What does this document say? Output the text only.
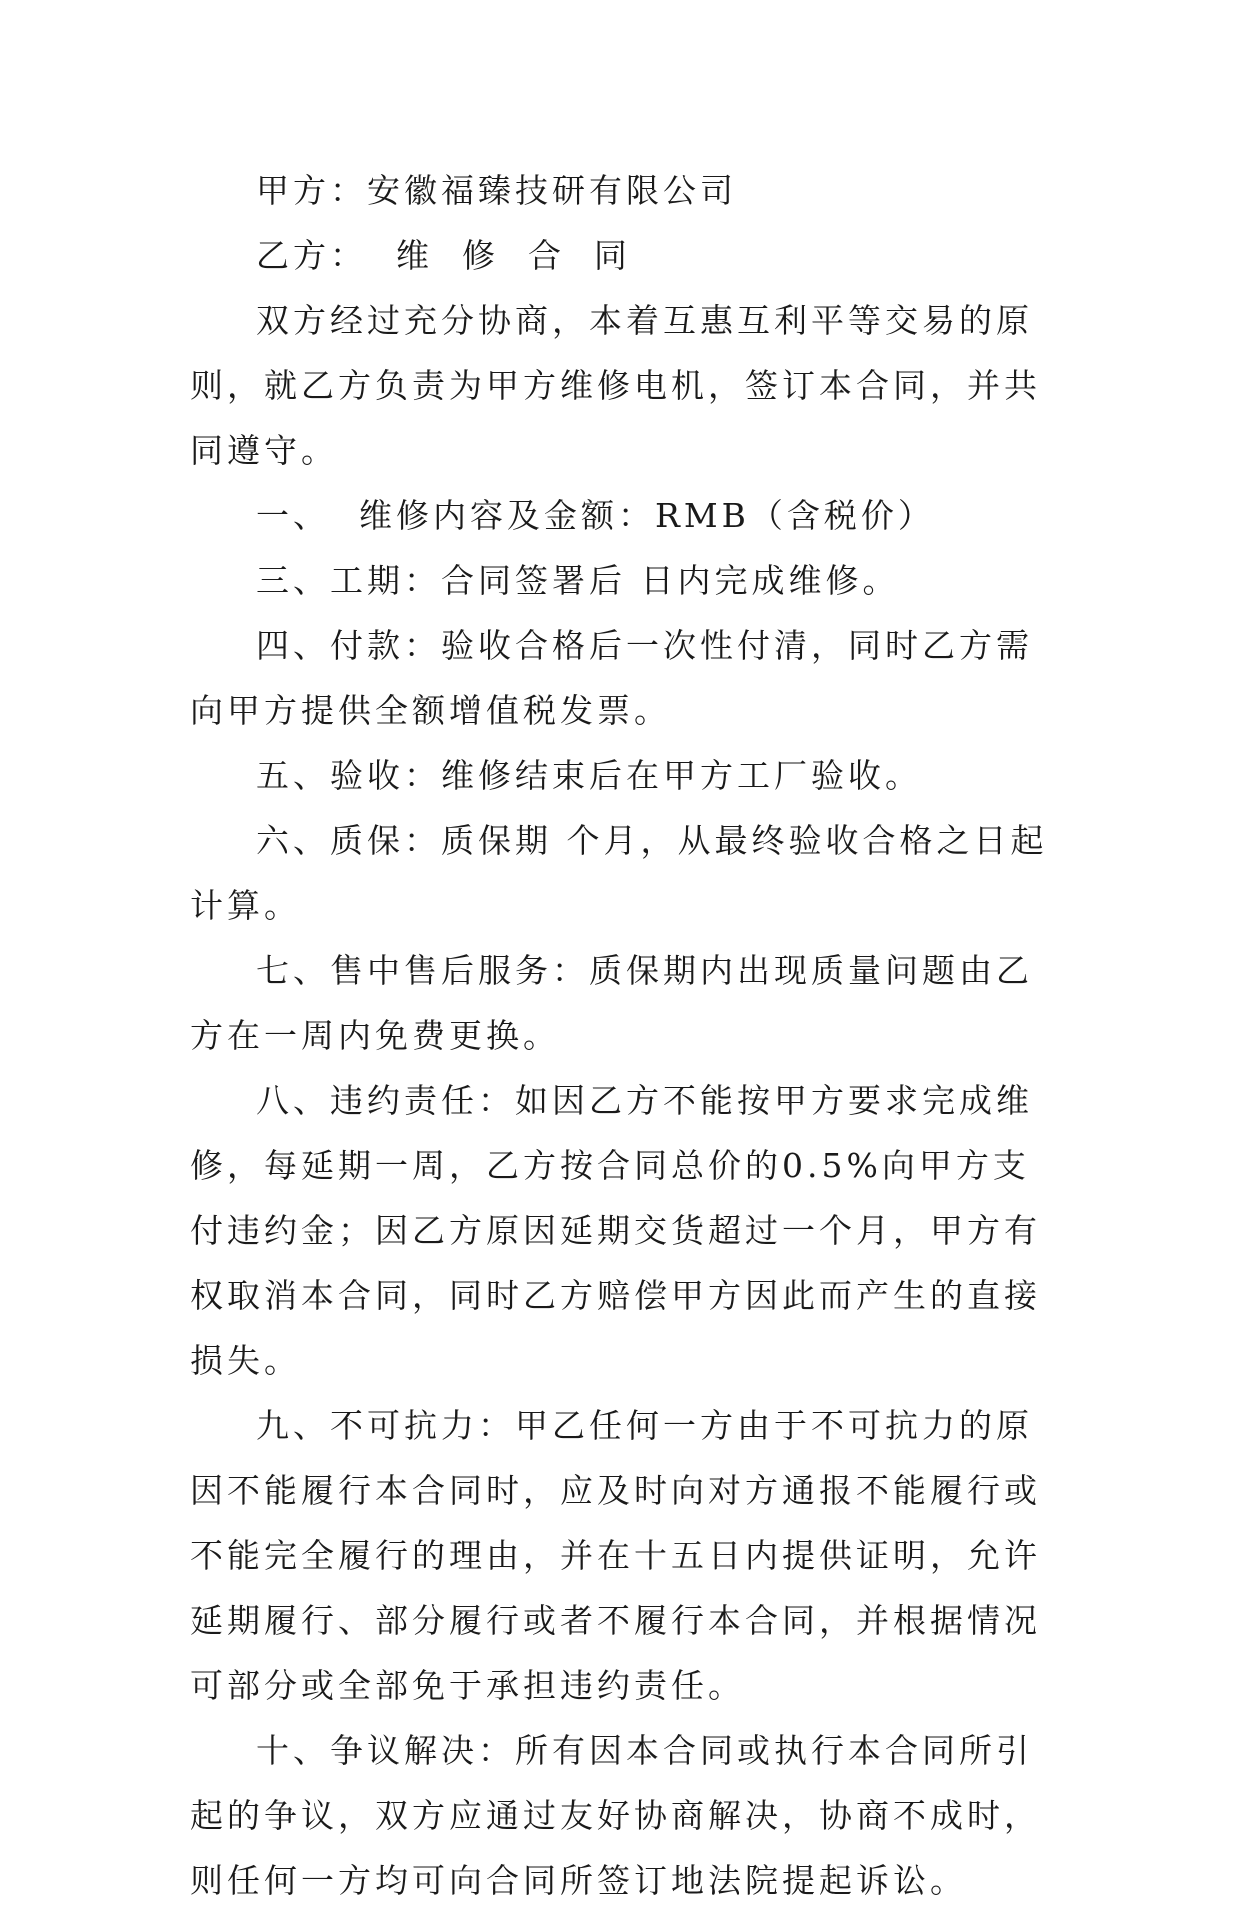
甲方：安徽福臻技研有限公司

乙方：  维  修  合  同

双方经过充分协商，本着互惠互利平等交易的原则，就乙方负责为甲方维修电机，签订本合同，并共同遵守。

一、  维修内容及金额：RMB（含税价）

三、工期：合同签署后 日内完成维修。

四、付款：验收合格后一次性付清，同时乙方需向甲方提供全额增值税发票。

五、验收：维修结束后在甲方工厂验收。

六、质保：质保期 个月，从最终验收合格之日起计算。

七、售中售后服务：质保期内出现质量问题由乙方在一周内免费更换。

八、违约责任：如因乙方不能按甲方要求完成维修，每延期一周，乙方按合同总价的0.5%向甲方支付违约金；因乙方原因延期交货超过一个月，甲方有权取消本合同，同时乙方赔偿甲方因此而产生的直接损失。

九、不可抗力：甲乙任何一方由于不可抗力的原因不能履行本合同时，应及时向对方通报不能履行或不能完全履行的理由，并在十五日内提供证明，允许延期履行、部分履行或者不履行本合同，并根据情况可部分或全部免于承担违约责任。

十、争议解决：所有因本合同或执行本合同所引起的争议，双方应通过友好协商解决，协商不成时，则任何一方均可向合同所签订地法院提起诉讼。
